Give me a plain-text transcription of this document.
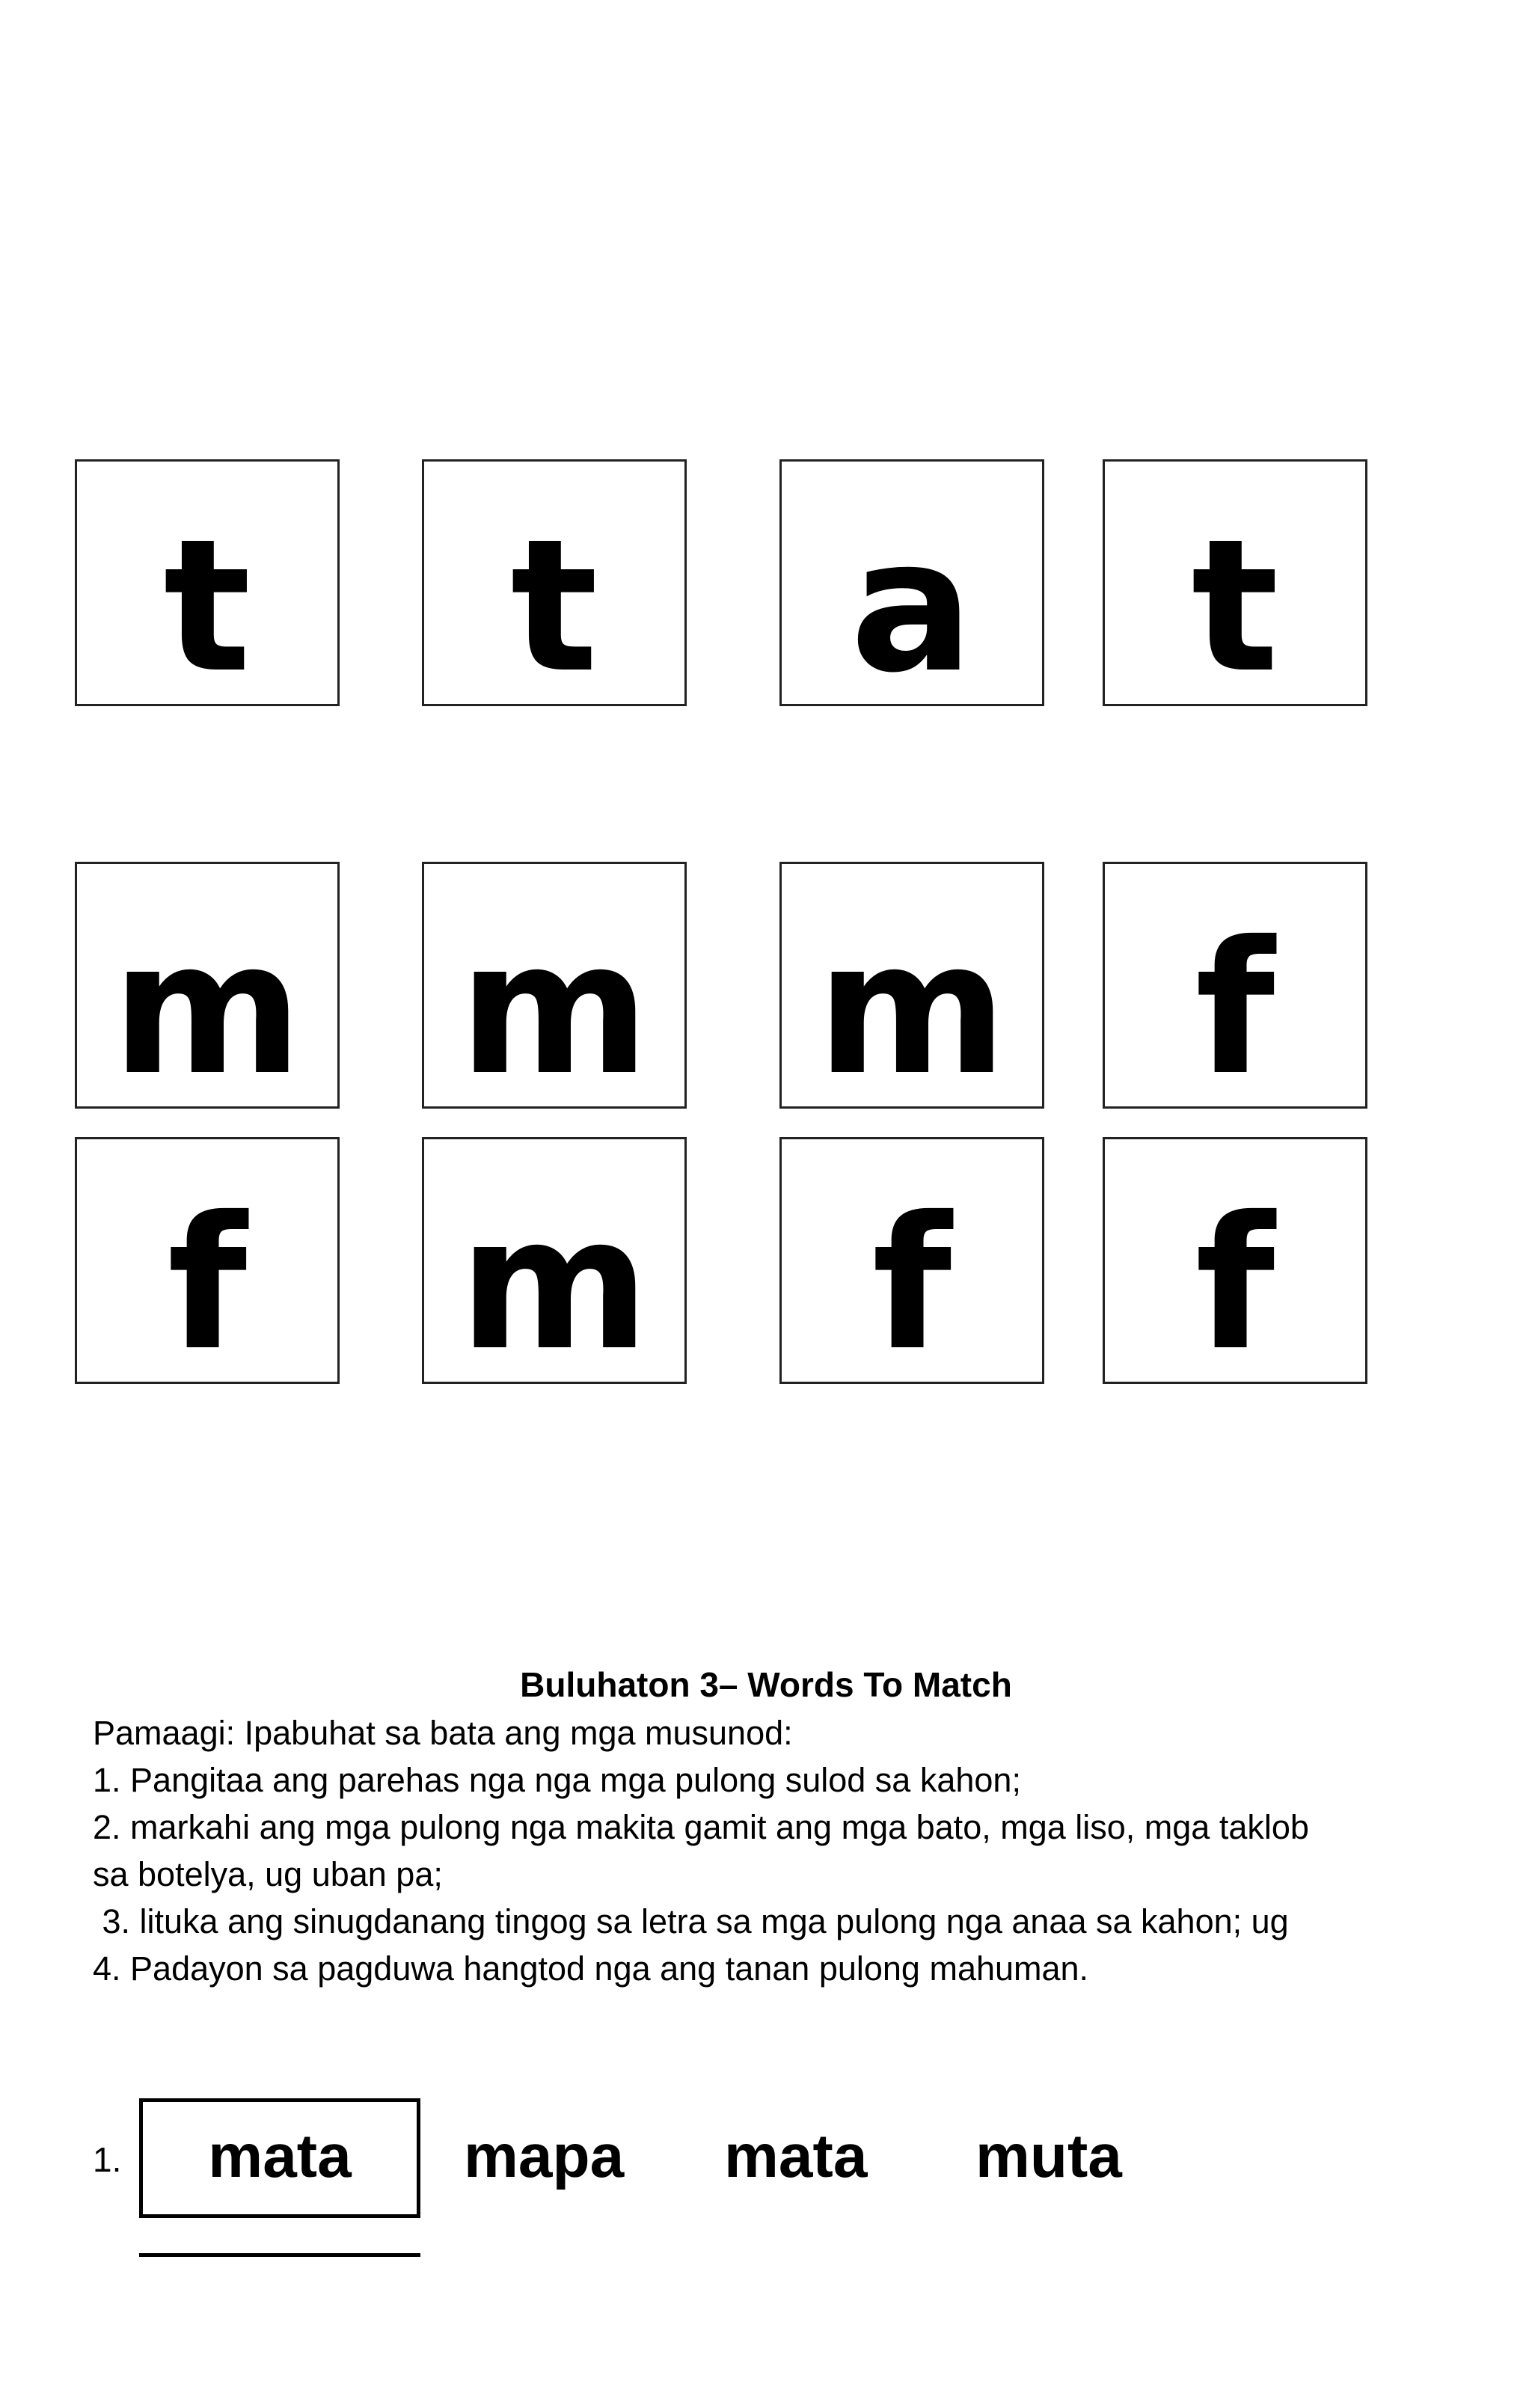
t	t	a	t
m m m	f
f	m	f	f
Buluhaton 3– Words To Match
Pamaagi: Ipabuhat sa bata ang mga musunod:
1. Pangitaa ang parehas nga nga mga pulong sulod sa kahon;
2. markahi ang mga pulong nga makita gamit ang mga bato, mga liso, mga taklob
sa botelya, ug uban pa;
3. lituka ang sinugdanang tingog sa letra sa mga pulong nga anaa sa kahon; ug
4. Padayon sa pagduwa hangtod nga ang tanan pulong mahuman.
1.	mata	mapa mata muta
